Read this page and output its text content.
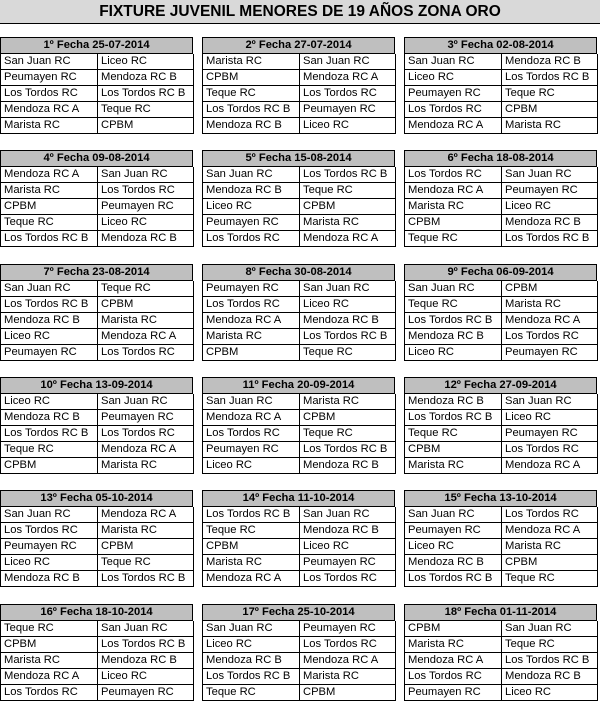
FIXTURE JUVENIL MENORES DE 19 AÑOS ZONA ORO
1º Fecha 25-07-2014
San Juan RC	Liceo RC
Peumayen RC	Mendoza RC B
Los Tordos RC	Los Tordos RC B
Mendoza RC A	Teque RC
Marista RC	CPBM
2º Fecha 27-07-2014
Marista RC	San Juan RC
CPBM	Mendoza RC A
Teque RC	Los Tordos RC
Los Tordos RC B	Peumayen RC
Mendoza RC B	Liceo RC
3º Fecha 02-08-2014
San Juan RC	Mendoza RC B
Liceo RC	Los Tordos RC B
Peumayen RC	Teque RC
Los Tordos RC	CPBM
Mendoza RC A	Marista RC
4º Fecha 09-08-2014
Mendoza RC A	San Juan RC
Marista RC	Los Tordos RC
CPBM	Peumayen RC
Teque RC	Liceo RC
Los Tordos RC B	Mendoza RC B
5º Fecha 15-08-2014
San Juan RC	Los Tordos RC B
Mendoza RC B	Teque RC
Liceo RC	CPBM
Peumayen RC	Marista RC
Los Tordos RC	Mendoza RC A
6º Fecha 18-08-2014
Los Tordos RC	San Juan RC
Mendoza RC A	Peumayen RC
Marista RC	Liceo RC
CPBM	Mendoza RC B
Teque RC	Los Tordos RC B
7º Fecha 23-08-2014
San Juan RC	Teque RC
Los Tordos RC B	CPBM
Mendoza RC B	Marista RC
Liceo RC	Mendoza RC A
Peumayen RC	Los Tordos RC
8º Fecha 30-08-2014
Peumayen RC	San Juan RC
Los Tordos RC	Liceo RC
Mendoza RC A	Mendoza RC B
Marista RC	Los Tordos RC B
CPBM	Teque RC
9º Fecha 06-09-2014
San Juan RC	CPBM
Teque RC	Marista RC
Los Tordos RC B	Mendoza RC A
Mendoza RC B	Los Tordos RC
Liceo RC	Peumayen RC
10º Fecha 13-09-2014
Liceo RC	San Juan RC
Mendoza RC B	Peumayen RC
Los Tordos RC B	Los Tordos RC
Teque RC	Mendoza RC A
CPBM	Marista RC
11º Fecha 20-09-2014
San Juan RC	Marista RC
Mendoza RC A	CPBM
Los Tordos RC	Teque RC
Peumayen RC	Los Tordos RC B
Liceo RC	Mendoza RC B
12º Fecha 27-09-2014
Mendoza RC B	San Juan RC
Los Tordos RC B	Liceo RC
Teque RC	Peumayen RC
CPBM	Los Tordos RC
Marista RC	Mendoza RC A
13º Fecha 05-10-2014
San Juan RC	Mendoza RC A
Los Tordos RC	Marista RC
Peumayen RC	CPBM
Liceo RC	Teque RC
Mendoza RC B	Los Tordos RC B
14º Fecha 11-10-2014
Los Tordos RC B	San Juan RC
Teque RC	Mendoza RC B
CPBM	Liceo RC
Marista RC	Peumayen RC
Mendoza RC A	Los Tordos RC
15º Fecha 13-10-2014
San Juan RC	Los Tordos RC
Peumayen RC	Mendoza RC A
Liceo RC	Marista RC
Mendoza RC B	CPBM
Los Tordos RC B	Teque RC
16º Fecha 18-10-2014
Teque RC	San Juan RC
CPBM	Los Tordos RC B
Marista RC	Mendoza RC B
Mendoza RC A	Liceo RC
Los Tordos RC	Peumayen RC
17º Fecha 25-10-2014
San Juan RC	Peumayen RC
Liceo RC	Los Tordos RC
Mendoza RC B	Mendoza RC A
Los Tordos RC B	Marista RC
Teque RC	CPBM
18º Fecha 01-11-2014
CPBM	San Juan RC
Marista RC	Teque RC
Mendoza RC A	Los Tordos RC B
Los Tordos RC	Mendoza RC B
Peumayen RC	Liceo RC
